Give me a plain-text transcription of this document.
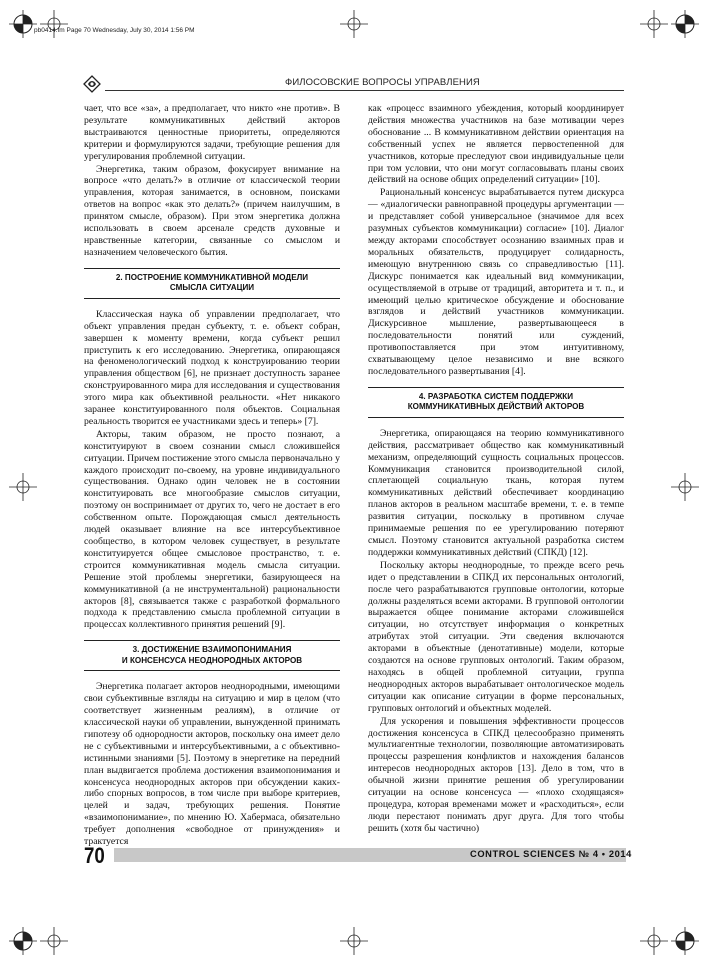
pb0414.fm Page 70 Wednesday, July 30, 2014 1:56 PM
ФИЛОСОВСКИЕ ВОПРОСЫ УПРАВЛЕНИЯ

чает, что все «за», а предполагает, что никто «не против». В результате коммуникативных действий акторов выстраиваются ценностные приоритеты, определяются критерии и формулируются задачи, требующие решения для урегулирования проблемной ситуации.

Энергетика, таким образом, фокусирует внимание на вопросе «что делать?» в отличие от классической теории управления, которая занимается, в основном, поисками ответов на вопрос «как это делать?» (причем наилучшим, в принятом смысле, образом). При этом энергетика должна использовать в своем арсенале средств духовные и нравственные категории, связанные со смыслом и назначением человеческого бытия.

2. ПОСТРОЕНИЕ КОММУНИКАТИВНОЙ МОДЕЛИ
СМЫСЛА СИТУАЦИИ

Классическая наука об управлении предполагает, что объект управления предан субъекту, т. е. объект собран, завершен к моменту времени, когда субъект решил приступить к его исследованию. Энергетика, опирающаяся на феноменологический подход к конструированию теории управления обществом [6], не признает доступность заранее сконструированного мира для исследования и существования этого мира как объективной реальности. «Нет никакого заранее конституированного поля объектов. Социальная реальность творится ее участниками здесь и теперь» [7].

Акторы, таким образом, не просто познают, а конституируют в своем сознании смысл сложившейся ситуации. Причем постижение этого смысла первоначально у каждого происходит по-своему, на уровне индивидуального существования. Однако один человек не в состоянии конституировать все многообразие смыслов ситуации, поэтому он воспринимает от других то, чего не достает в его собственном опыте. Порождающая смысл деятельность людей оказывает влияние на все интерсубъективное сообщество, в котором человек существует, в результате конституируется общее смысловое пространство, т. е. строится коммуникативная модель смысла ситуации. Решение этой проблемы энергетики, базирующееся на коммуникативной (а не инструментальной) рациональности акторов [8], связывается также с разработкой формального подхода к представлению смысла проблемной ситуации в процессах коллективного принятия решений [9].

3. ДОСТИЖЕНИЕ ВЗАИМОПОНИМАНИЯ
И КОНСЕНСУСА НЕОДНОРОДНЫХ АКТОРОВ

Энергетика полагает акторов неоднородными, имеющими свои субъективные взгляды на ситуацию и мир в целом (что соответствует жизненным реалиям), в отличие от классической науки об управлении, вынужденной принимать гипотезу об однородности акторов, поскольку она имеет дело не с субъективными и интерсубъективными, а с объективно-истинными знаниями [5]. Поэтому в энергетике на передний план выдвигается проблема достижения взаимопонимания и консенсуса неоднородных акторов при обсуждении каких-либо спорных вопросов, в том числе при выборе критериев, целей и задач, требующих решения. Понятие «взаимопонимание», по мнению Ю. Хабермаса, обязательно требует дополнения «свободное от принуждения» и трактуется

как «процесс взаимного убеждения, который координирует действия множества участников на базе мотивации через обоснование ... В коммуникативном действии ориентация на собственный успех не является первостепенной для участников, которые преследуют свои индивидуальные цели при том условии, что они могут согласовывать планы своих действий на основе общих определений ситуации» [10].

Рациональный консенсус вырабатывается путем дискурса — «диалогически равноправной процедуры аргументации — и представляет собой универсальное (значимое для всех разумных субъектов коммуникации) согласие» [10]. Диалог между акторами способствует осознанию взаимных прав и моральных обязательств, продуцирует солидарность, имеющую внутреннюю связь со справедливостью [11]. Дискурс понимается как идеальный вид коммуникации, осуществляемой в отрыве от традиций, авторитета и т. п., и имеющий целью критическое обсуждение и обоснование взглядов и действий участников коммуникации. Дискурсивное мышление, развертывающееся в последовательности понятий или суждений, противопоставляется при этом интуитивному, схватывающему целое независимо и вне всякого последовательного развертывания [4].

4. РАЗРАБОТКА СИСТЕМ ПОДДЕРЖКИ
КОММУНИКАТИВНЫХ ДЕЙСТВИЙ АКТОРОВ

Энергетика, опирающаяся на теорию коммуникативного действия, рассматривает общество как коммуникативный механизм, определяющий сущность социальных процессов. Коммуникация становится производительной силой, сплетающей социальную ткань, которая путем коммуникативных действий обеспечивает координацию планов акторов в реальном масштабе времени, т. е. в темпе развития ситуации, поскольку в противном случае принимаемые решения по ее урегулированию потеряют смысл. Поэтому становится актуальной разработка систем поддержки коммуникативных действий (СПКД) [12].

Поскольку акторы неоднородные, то прежде всего речь идет о представлении в СПКД их персональных онтологий, после чего разрабатываются групповые онтологии, которые должны разделяться всеми акторами. В групповой онтологии выражается общее понимание акторами сложившейся ситуации, но отсутствует информация о конкретных атрибутах этой ситуации. Эти сведения включаются акторами в объектные (денотативные) модели, которые создаются на основе групповых онтологий. Таким образом, находясь в общей проблемной ситуации, группа неоднородных акторов вырабатывает онтологическое модель ситуации как описание ситуации в форме персональных, групповых онтологий и объектных моделей.

Для ускорения и повышения эффективности процессов достижения консенсуса в СПКД целесообразно применять мультиагентные технологии, позволяющие автоматизировать процессы разрешения конфликтов и нахождения балансов интересов неоднородных акторов [13]. Дело в том, что в обычной жизни принятие решения об урегулировании ситуации на основе консенсуса — «плохо сходящаяся» процедура, которая временами может и «расходиться», если люди перестают понимать друг друга. Для того чтобы решить (хотя бы частично)

70	CONTROL SCIENCES № 4 • 2014
